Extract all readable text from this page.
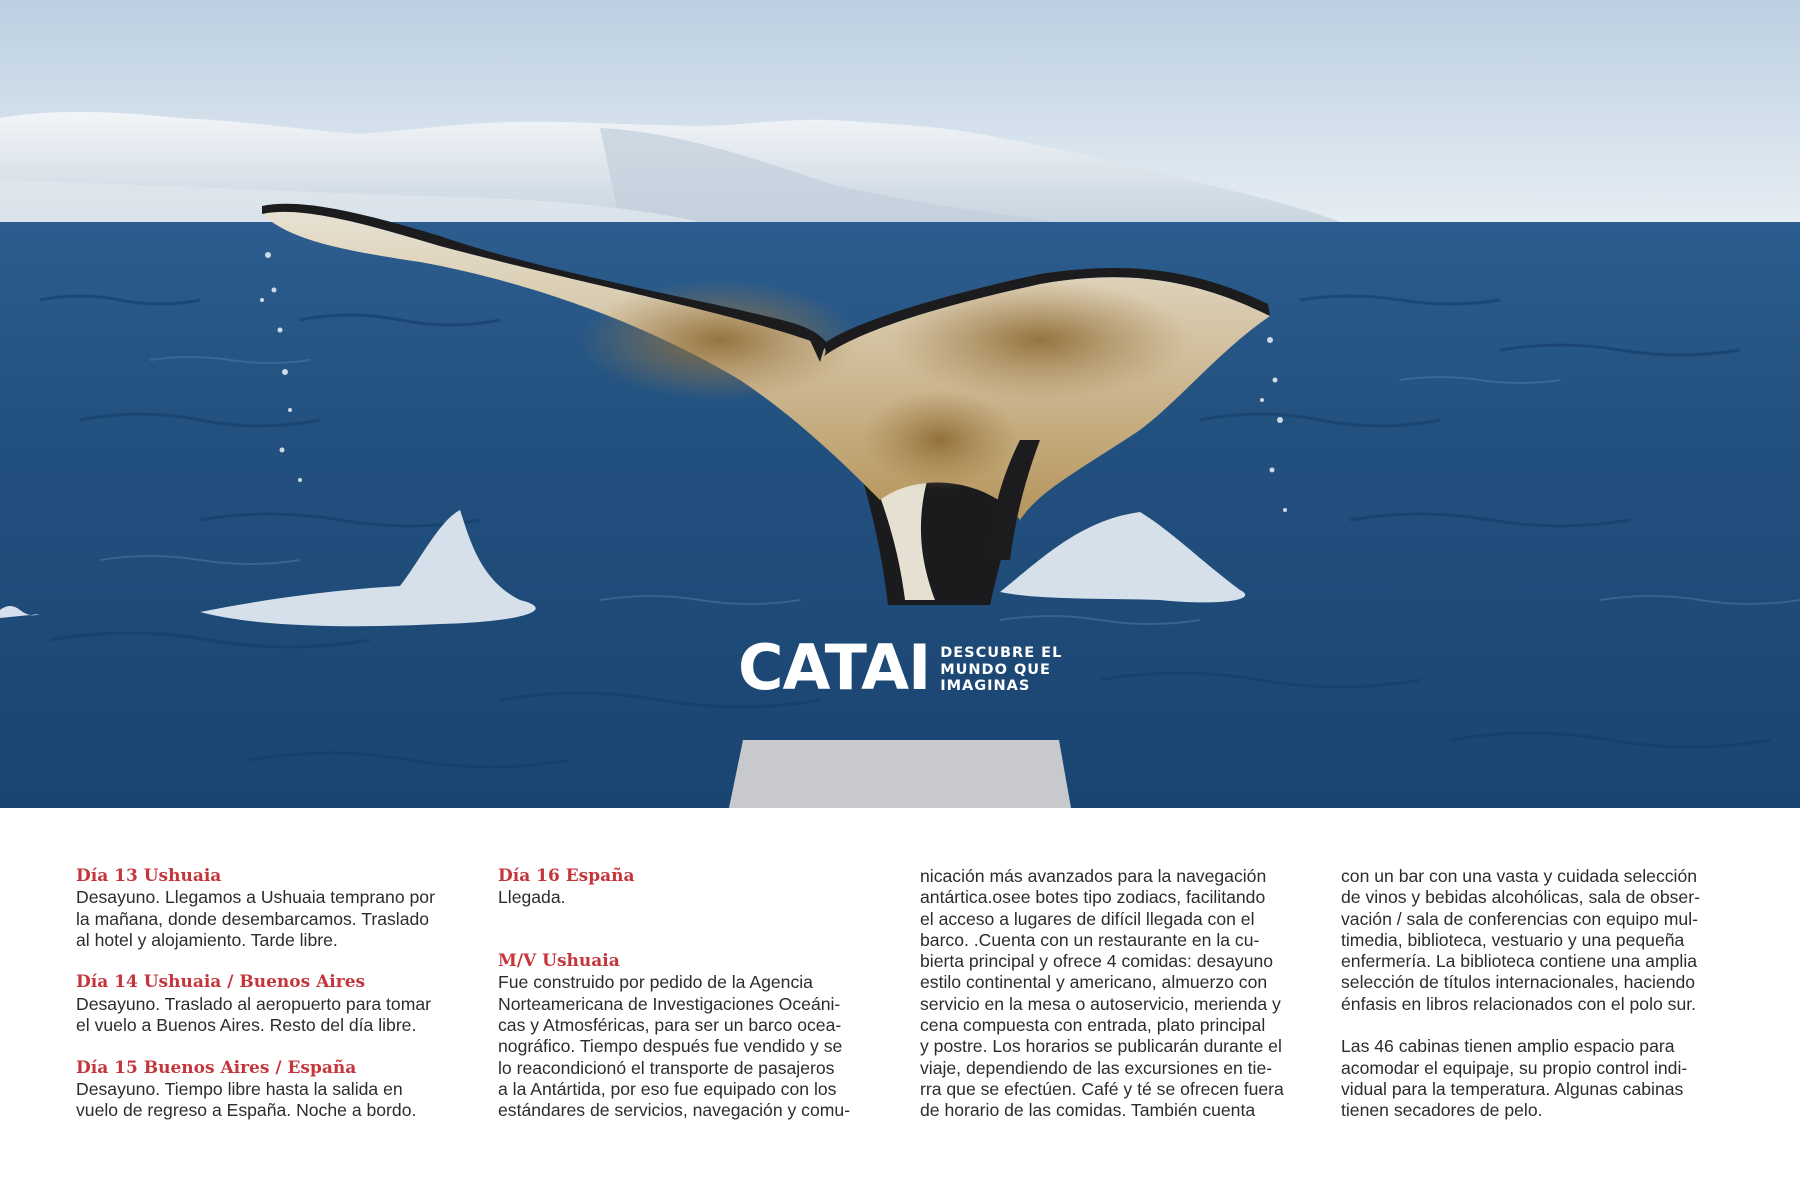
CATAI DESCUBRE EL
MUNDO QUE
IMAGINAS

Día 13 Ushuaia

Desayuno. Llegamos a Ushuaia temprano por
la mañana, donde desembarcamos. Traslado
al hotel y alojamiento. Tarde libre.

Día 14 Ushuaia / Buenos Aires

Desayuno. Traslado al aeropuerto para tomar
el vuelo a Buenos Aires. Resto del día libre.

Día 15 Buenos Aires / España

Desayuno. Tiempo libre hasta la salida en
vuelo de regreso a España. Noche a bordo.

Día 16 España

Llegada.

M/V Ushuaia

Fue construido por pedido de la Agencia
Norteamericana de Investigaciones Oceáni-
cas y Atmosféricas, para ser un barco ocea-
nográfico. Tiempo después fue vendido y se
lo reacondicionó el transporte de pasajeros
a la Antártida, por eso fue equipado con los
estándares de servicios, navegación y comu-
nicación más avanzados para la navegación
antártica.osee botes tipo zodiacs, facilitando
el acceso a lugares de difícil llegada con el
barco. .Cuenta con un restaurante en la cu-
bierta principal y ofrece 4 comidas: desayuno
estilo continental y americano, almuerzo con
servicio en la mesa o autoservicio, merienda y
cena compuesta con entrada, plato principal
y postre. Los horarios se publicarán durante el
viaje, dependiendo de las excursiones en tie-
rra que se efectúen. Café y té se ofrecen fuera
de horario de las comidas. También cuenta
con un bar con una vasta y cuidada selección
de vinos y bebidas alcohólicas, sala de obser-
vación / sala de conferencias con equipo mul-
timedia, biblioteca, vestuario y una pequeña
enfermería. La biblioteca contiene una amplia
selección de títulos internacionales, haciendo
énfasis en libros relacionados con el polo sur.
Las 46 cabinas tienen amplio espacio para
acomodar el equipaje, su propio control indi-
vidual para la temperatura. Algunas cabinas
tienen secadores de pelo.
